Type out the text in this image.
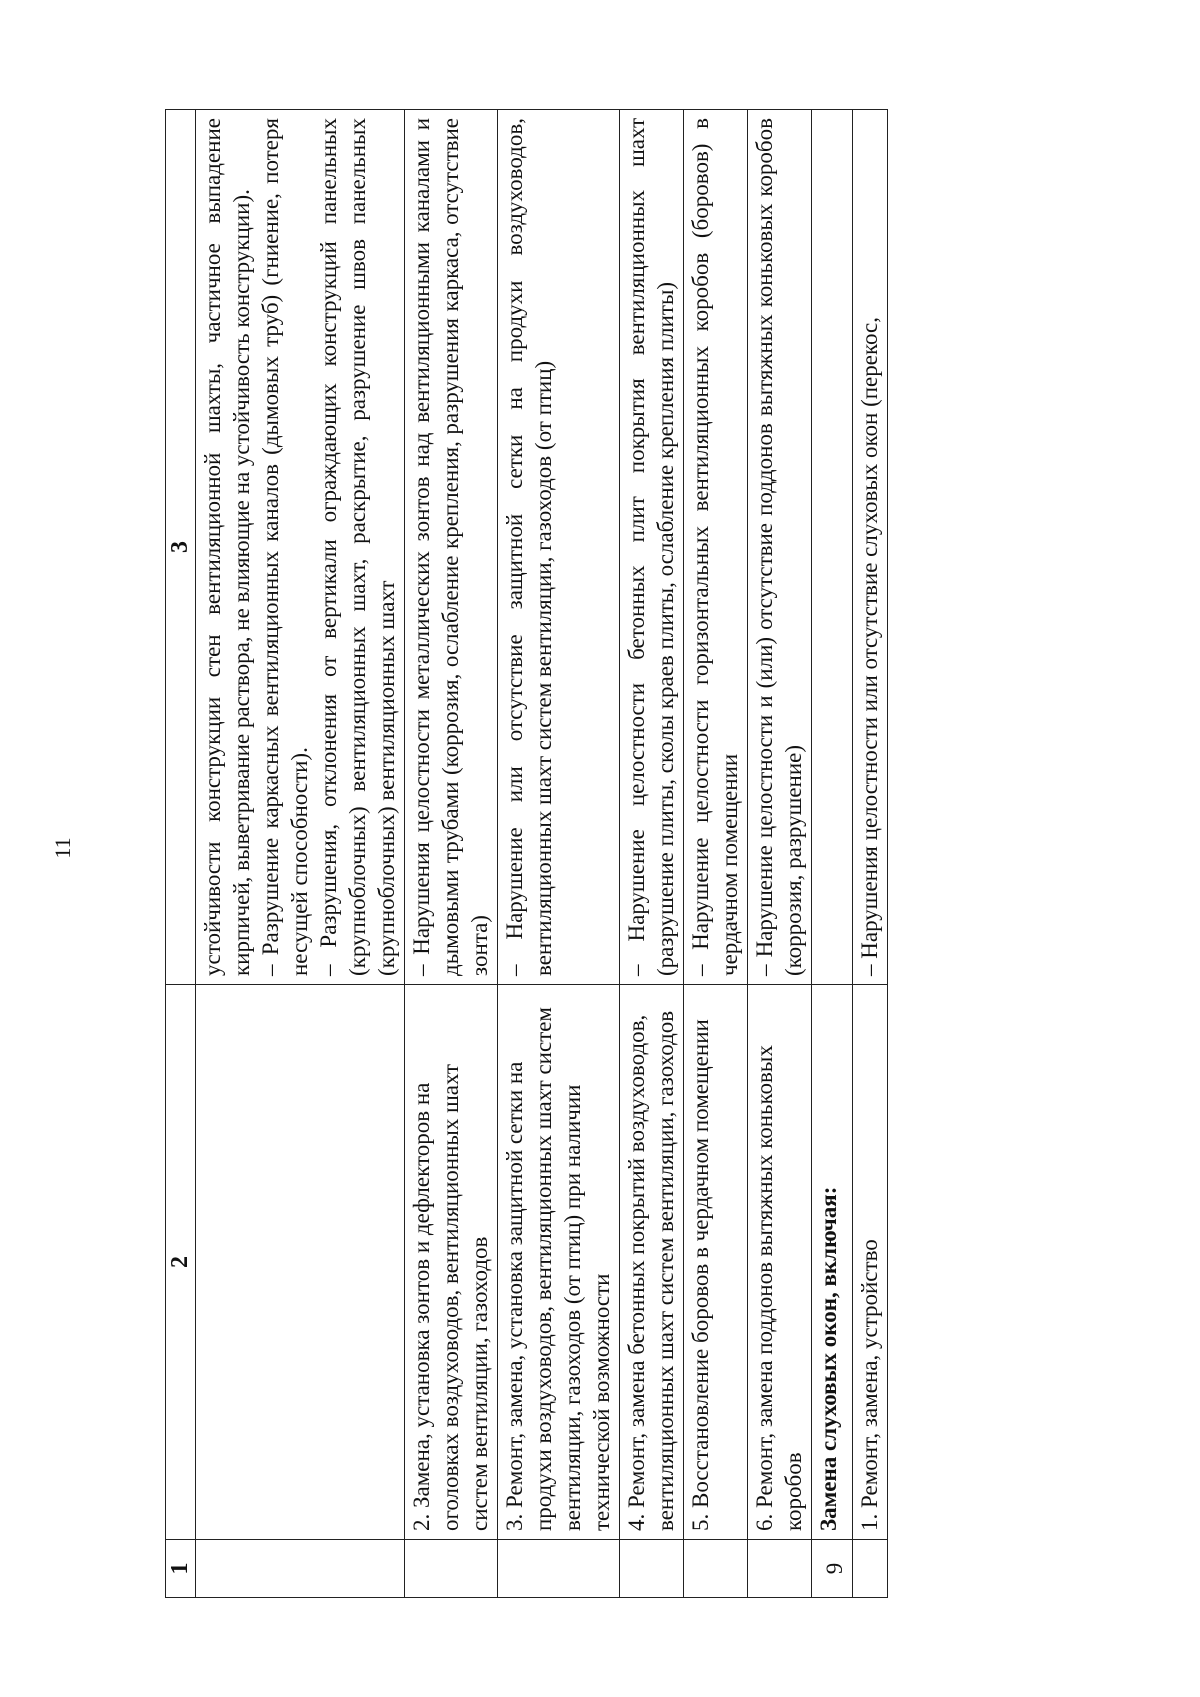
11
1	2	3

		устойчивости конструкции стен вентиляционной шахты, частичное выпадение кирпичей, выветривание раствора, не влияющие на устойчивость конструкции). – Разрушение каркасных вентиляционных каналов (дымовых труб) (гниение, потеря несущей способности). – Разрушения, отклонения от вертикали ограждающих конструкций панельных (крупноблочных) вентиляционных шахт, раскрытие, разрушение швов панельных (крупноблочных) вентиляционных шахт

	2. Замена, установка зонтов и дефлекторов на оголовках воздуховодов, вентиляционных шахт систем вентиляции, газоходов	– Нарушения целостности металлических зонтов над вентиляционными каналами и дымовыми трубами (коррозия, ослабление крепления, разрушения каркаса, отсутствие зонта)
	3. Ремонт, замена, установка защитной сетки на продухи воздуховодов, вентиляционных шахт систем вентиляции, газоходов (от птиц) при наличии технической возможности	– Нарушение или отсутствие защитной сетки на продухи воздуховодов, вентиляционных шахт систем вентиляции, газоходов (от птиц)
	4. Ремонт, замена бетонных покрытий воздуховодов, вентиляционных шахт систем вентиляции, газоходов	– Нарушение целостности бетонных плит покрытия вентиляционных шахт (разрушение плиты, сколы краев плиты, ослабление крепления плиты)
	5. Восстановление боровов в чердачном помещении	– Нарушение целостности горизонтальных вентиляционных коробов (боровов) в чердачном помещении
	6. Ремонт, замена поддонов вытяжных коньковых коробов	– Нарушение целостности и (или) отсутствие поддонов вытяжных коньковых коробов (коррозия, разрушение)
9	Замена слуховых окон, включая:	
	1. Ремонт, замена, устройство	– Нарушения целостности или отсутствие слуховых окон (перекос,
